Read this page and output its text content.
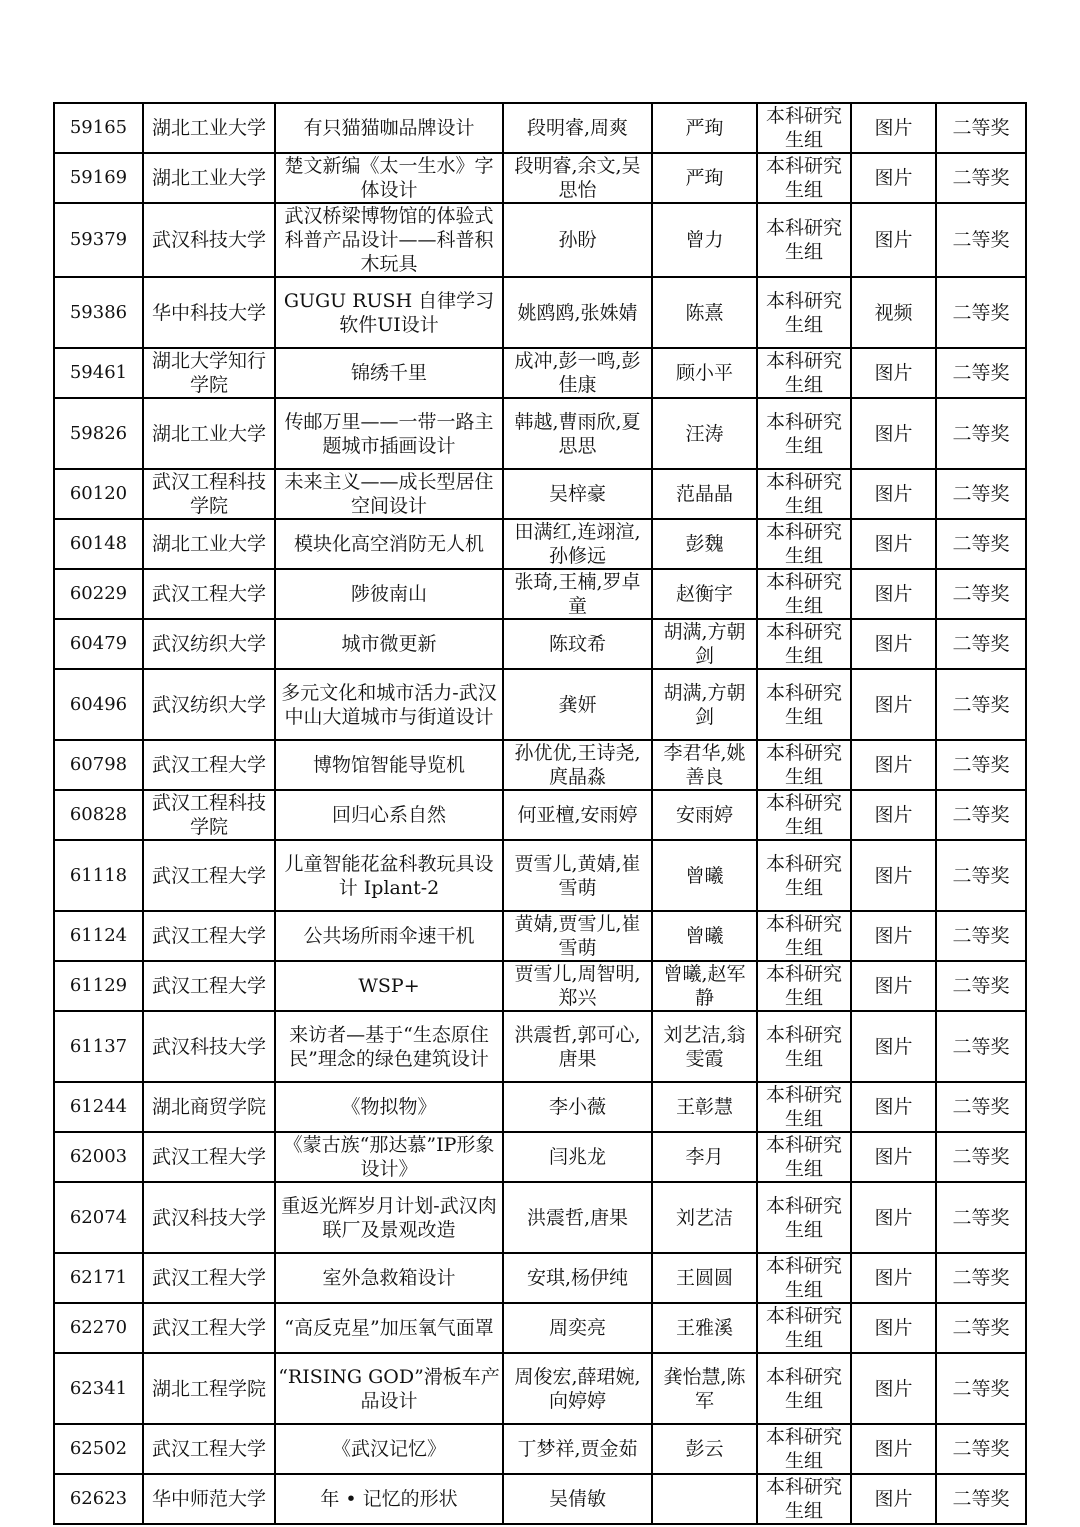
59165	湖北工业大学	有只猫猫咖品牌设计	段明睿,周爽	严珣	本科研究生组	图片	二等奖
59169	湖北工业大学	楚文新编《太一生水》字体设计	段明睿,余文,吴思怡	严珣	本科研究生组	图片	二等奖
59379	武汉科技大学	武汉桥梁博物馆的体验式科普产品设计——科普积木玩具	孙盼	曾力	本科研究生组	图片	二等奖
59386	华中科技大学	GUGU RUSH 自律学习软件UI设计	姚鸥鸥,张姝婧	陈熹	本科研究生组	视频	二等奖
59461	湖北大学知行学院	锦绣千里	成冲,彭一鸣,彭佳康	顾小平	本科研究生组	图片	二等奖
59826	湖北工业大学	传邮万里——一带一路主题城市插画设计	韩越,曹雨欣,夏思思	汪涛	本科研究生组	图片	二等奖
60120	武汉工程科技学院	未来主义——成长型居住空间设计	吴梓豪	范晶晶	本科研究生组	图片	二等奖
60148	湖北工业大学	模块化高空消防无人机	田满红,连翊渲,孙修远	彭魏	本科研究生组	图片	二等奖
60229	武汉工程大学	陟彼南山	张琦,王楠,罗卓童	赵衡宇	本科研究生组	图片	二等奖
60479	武汉纺织大学	城市微更新	陈玟希	胡满,方朝剑	本科研究生组	图片	二等奖
60496	武汉纺织大学	多元文化和城市活力-武汉中山大道城市与街道设计	龚妍	胡满,方朝剑	本科研究生组	图片	二等奖
60798	武汉工程大学	博物馆智能导览机	孙优优,王诗尧,庹晶淼	李君华,姚善良	本科研究生组	图片	二等奖
60828	武汉工程科技学院	回归心系自然	何亚檀,安雨婷	安雨婷	本科研究生组	图片	二等奖
61118	武汉工程大学	儿童智能花盆科教玩具设计 Iplant-2	贾雪儿,黄婧,崔雪萌	曾曦	本科研究生组	图片	二等奖
61124	武汉工程大学	公共场所雨伞速干机	黄婧,贾雪儿,崔雪萌	曾曦	本科研究生组	图片	二等奖
61129	武汉工程大学	WSP+	贾雪儿,周智明,郑兴	曾曦,赵军静	本科研究生组	图片	二等奖
61137	武汉科技大学	来访者—基于“生态原住民”理念的绿色建筑设计	洪震哲,郭可心,唐果	刘艺洁,翁雯霞	本科研究生组	图片	二等奖
61244	湖北商贸学院	《物拟物》	李小薇	王彰慧	本科研究生组	图片	二等奖
62003	武汉工程大学	《蒙古族“那达慕”IP形象设计》	闫兆龙	李月	本科研究生组	图片	二等奖
62074	武汉科技大学	重返光辉岁月计划-武汉肉联厂及景观改造	洪震哲,唐果	刘艺洁	本科研究生组	图片	二等奖
62171	武汉工程大学	室外急救箱设计	安琪,杨伊纯	王圆圆	本科研究生组	图片	二等奖
62270	武汉工程大学	“高反克星”加压氧气面罩	周奕亮	王雅溪	本科研究生组	图片	二等奖
62341	湖北工程学院	“RISING GOD”滑板车产品设计	周俊宏,薛珺婉,向婷婷	龚怡慧,陈军	本科研究生组	图片	二等奖
62502	武汉工程大学	《武汉记忆》	丁梦祥,贾金茹	彭云	本科研究生组	图片	二等奖
62623	华中师范大学	年 • 记忆的形状	吴倩敏		本科研究生组	图片	二等奖
